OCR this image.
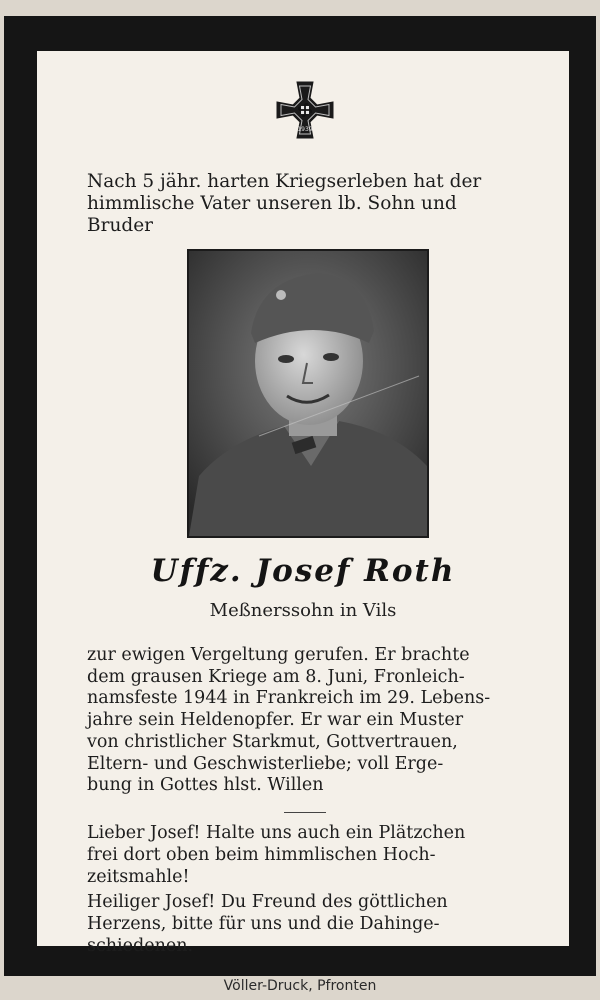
1939
Nach 5 jähr. harten Kriegserleben hat der
himmlische Vater unseren lb. Sohn und
Bruder
Uffz. Josef Roth
Meßnerssohn in Vils
zur ewigen Vergeltung gerufen. Er brachte
dem grausen Kriege am 8. Juni, Fronleich-
namsfeste 1944 in Frankreich im 29. Lebens-
jahre sein Heldenopfer. Er war ein Muster
von christlicher Starkmut, Gottvertrauen,
Eltern- und Geschwisterliebe; voll Erge-
bung in Gottes hlst. Willen
Lieber Josef! Halte uns auch ein Plätzchen
frei dort oben beim himmlischen Hoch-
zeitsmahle!
Heiliger Josef! Du Freund des göttlichen
Herzens, bitte für uns und die Dahinge-
schiedenen.
Völler-Druck, Pfronten
